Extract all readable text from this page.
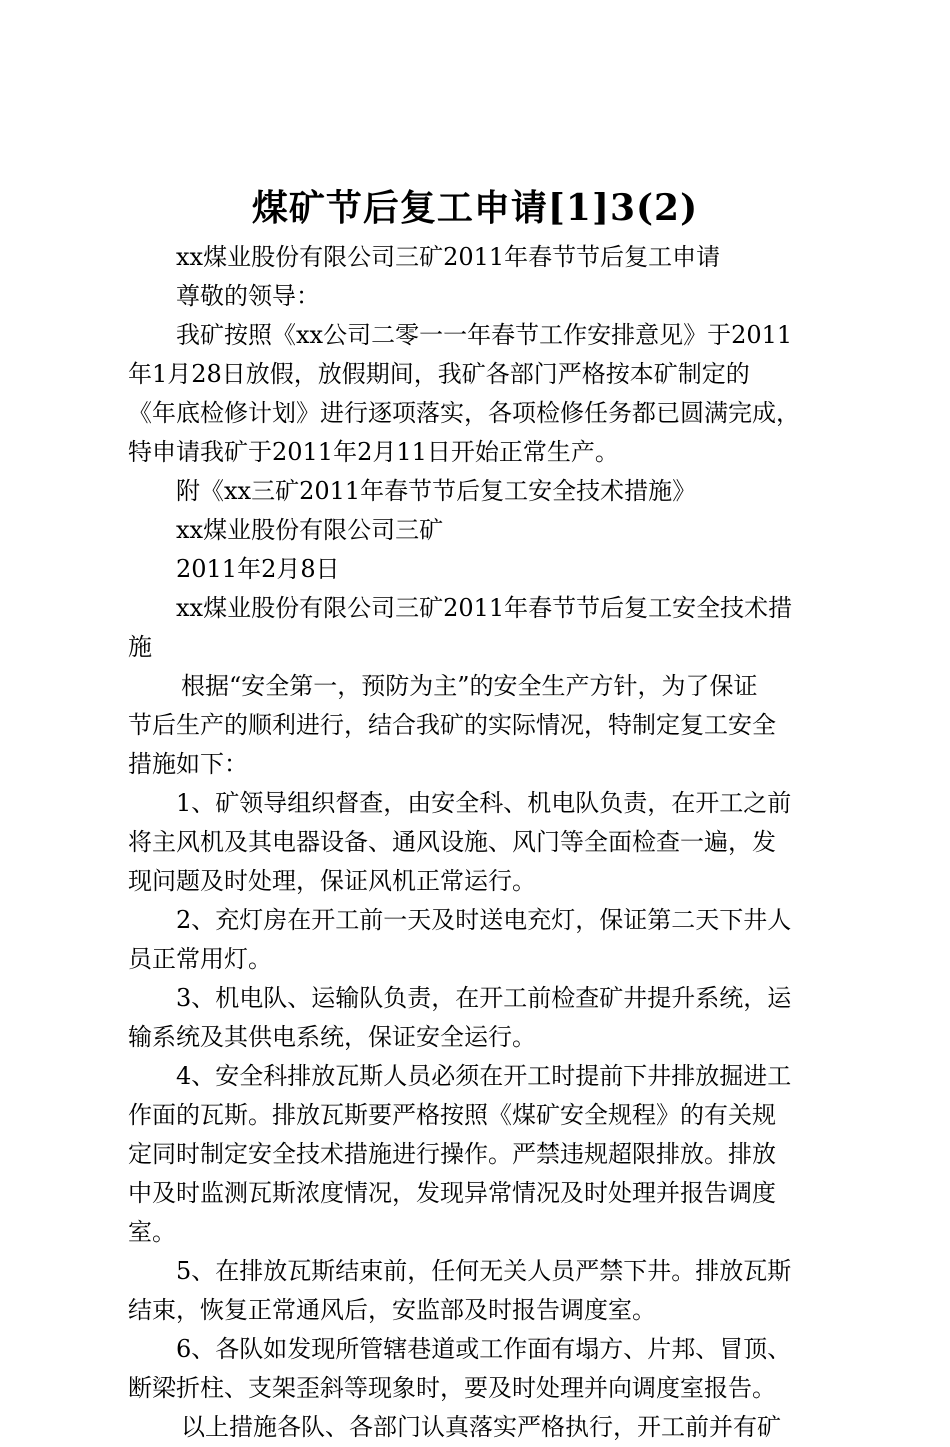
煤矿节后复工申请[1]3(2)
xx煤业股份有限公司三矿2011年春节节后复工申请
尊敬的领导：
我矿按照《xx公司二零一一年春节工作安排意见》于2011
年1月28日放假，放假期间，我矿各部门严格按本矿制定的
《年底检修计划》进行逐项落实，各项检修任务都已圆满完成，
特申请我矿于2011年2月11日开始正常生产。
附《xx三矿2011年春节节后复工安全技术措施》
xx煤业股份有限公司三矿
2011年2月8日
xx煤业股份有限公司三矿2011年春节节后复工安全技术措
施
根据“安全第一，预防为主”的安全生产方针，为了保证
节后生产的顺利进行，结合我矿的实际情况，特制定复工安全
措施如下：
1、矿领导组织督查，由安全科、机电队负责，在开工之前
将主风机及其电器设备、通风设施、风门等全面检查一遍，发
现问题及时处理，保证风机正常运行。
2、充灯房在开工前一天及时送电充灯，保证第二天下井人
员正常用灯。
3、机电队、运输队负责，在开工前检查矿井提升系统，运
输系统及其供电系统，保证安全运行。
4、安全科排放瓦斯人员必须在开工时提前下井排放掘进工
作面的瓦斯。排放瓦斯要严格按照《煤矿安全规程》的有关规
定同时制定安全技术措施进行操作。严禁违规超限排放。排放
中及时监测瓦斯浓度情况，发现异常情况及时处理并报告调度
室。
5、在排放瓦斯结束前，任何无关人员严禁下井。排放瓦斯
结束，恢复正常通风后，安监部及时报告调度室。
6、各队如发现所管辖巷道或工作面有塌方、片邦、冒顶、
断梁折柱、支架歪斜等现象时，要及时处理并向调度室报告。
以上措施各队、各部门认真落实严格执行，开工前并有矿
